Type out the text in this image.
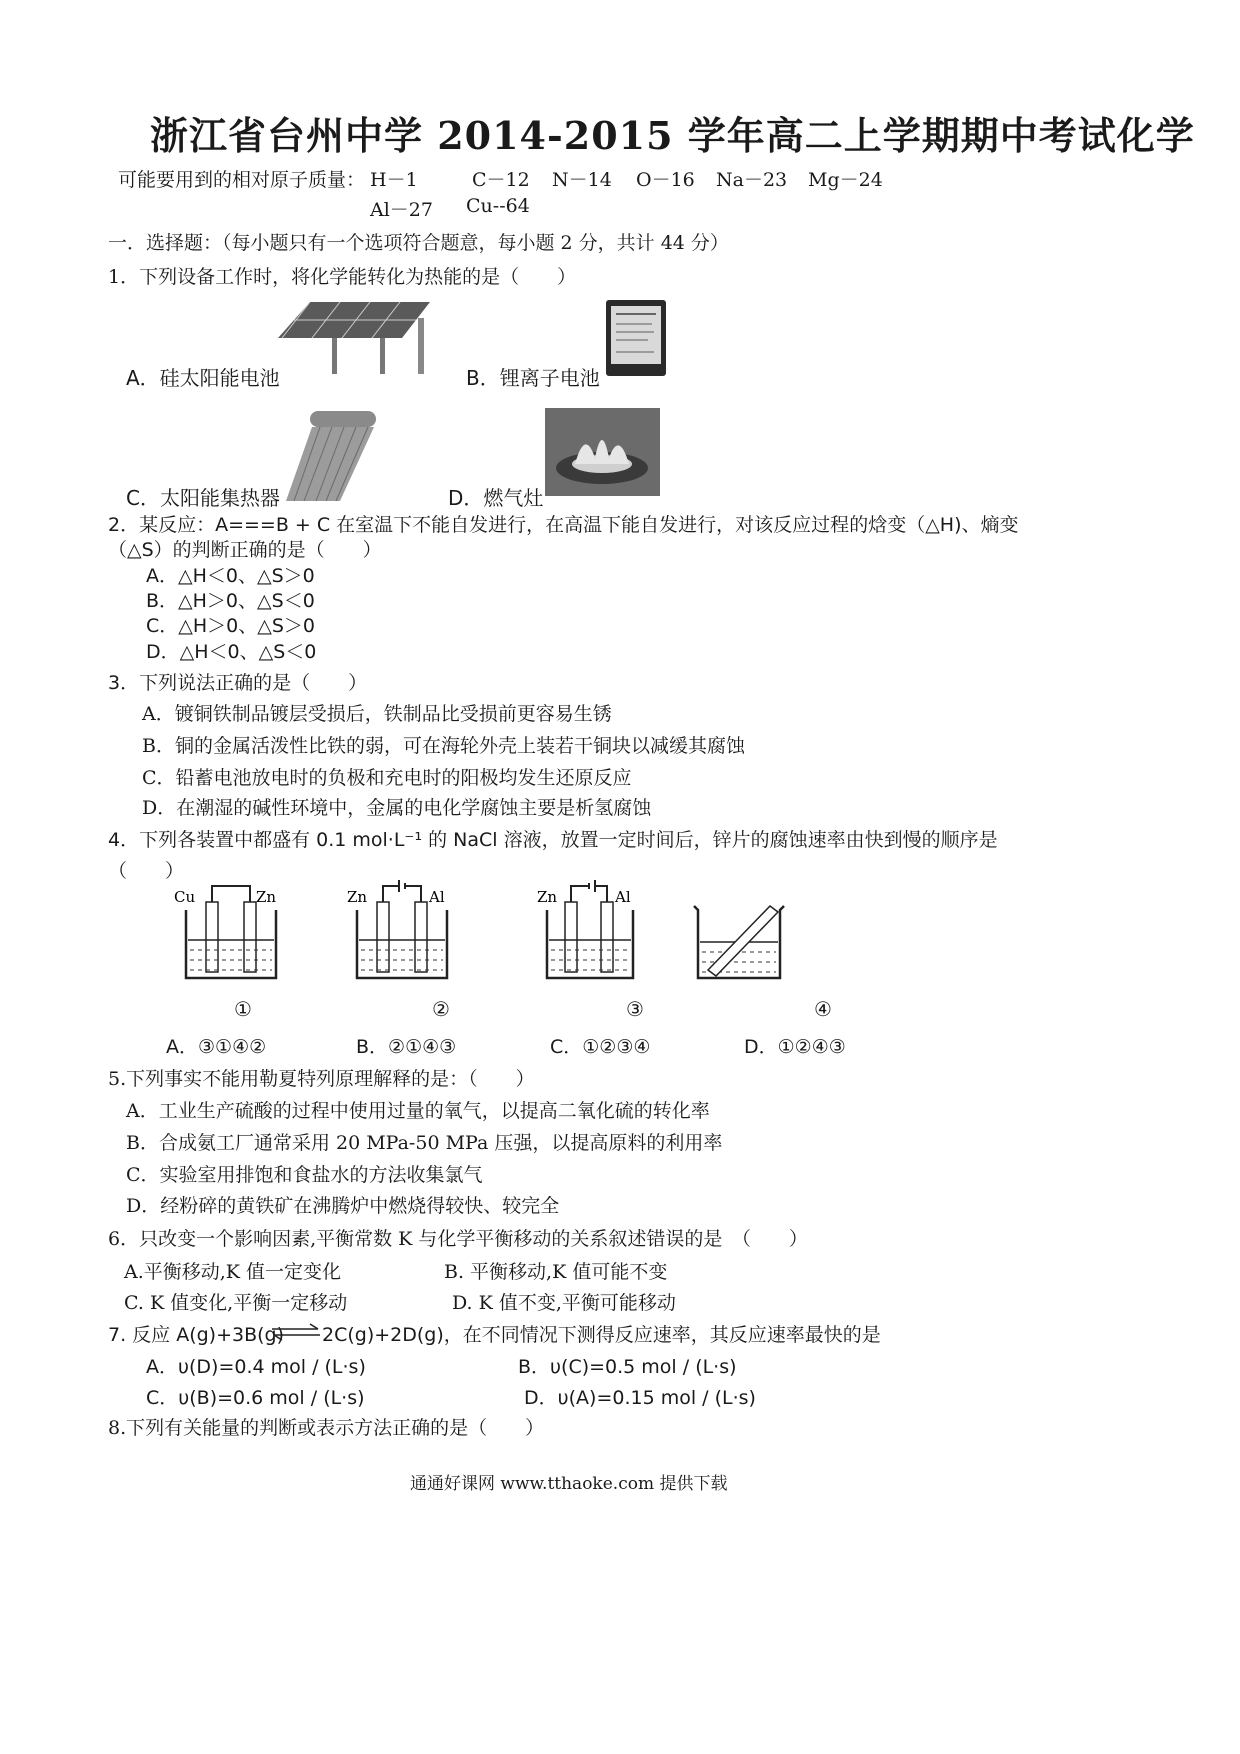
浙江省台州中学 2014-2015 学年高二上学期期中考试化学
可能要用到的相对原子质量： H－1	C－12 N－14 O－16 Na－23 Mg－24
Al－27 Cu--64
一．选择题：（每小题只有一个选项符合题意，每小题 2 分，共计 44 分）
1．下列设备工作时，将化学能转化为热能的是（　　）
A．硅太阳能电池	B．锂离子电池
C．太阳能集热器	D．燃气灶
2．某反应：A===B + C 在室温下不能自发进行，在高温下能自发进行，对该反应过程的焓变（△H)、熵变
（△S）的判断正确的是（　　）
A．△H＜0、△S＞0
B．△H＞0、△S＜0
C．△H＞0、△S＞0
D．△H＜0、△S＜0
3．下列说法正确的是（　　）
A．镀铜铁制品镀层受损后，铁制品比受损前更容易生锈
B．铜的金属活泼性比铁的弱，可在海轮外壳上装若干铜块以减缓其腐蚀
C．铅蓄电池放电时的负极和充电时的阳极均发生还原反应
D．在潮湿的碱性环境中，金属的电化学腐蚀主要是析氢腐蚀
4．下列各装置中都盛有 0.1 mol·L⁻¹ 的 NaCl 溶液，放置一定时间后，锌片的腐蚀速率由快到慢的顺序是
（　　）
Cu	Zn	Zn	Al	Zn	Al
①	②	③	④
A．③①④②	B．②①④③	C．①②③④	D．①②④③
5.下列事实不能用勒夏特列原理解释的是：（　　）
A．工业生产硫酸的过程中使用过量的氧气，以提高二氧化硫的转化率
B．合成氨工厂通常采用 20 MPa-50 MPa 压强，以提高原料的利用率
C．实验室用排饱和食盐水的方法收集氯气
D．经粉碎的黄铁矿在沸腾炉中燃烧得较快、较完全
6．只改变一个影响因素,平衡常数 K 与化学平衡移动的关系叙述错误的是　（　　）
A.平衡移动,K 值一定变化	B. 平衡移动,K 值可能不变
C. K 值变化,平衡一定移动	D. K 值不变,平衡可能移动
7. 反应 A(g)+3B(g) ⇌ 2C(g)+2D(g)，在不同情况下测得反应速率，其反应速率最快的是
A．υ(D)=0.4 mol / (L·s)	B．υ(C)=0.5 mol / (L·s)
C．υ(B)=0.6 mol / (L·s)	D．υ(A)=0.15 mol / (L·s)
8.下列有关能量的判断或表示方法正确的是（　　）
通通好课网 www.tthaoke.com 提供下载
